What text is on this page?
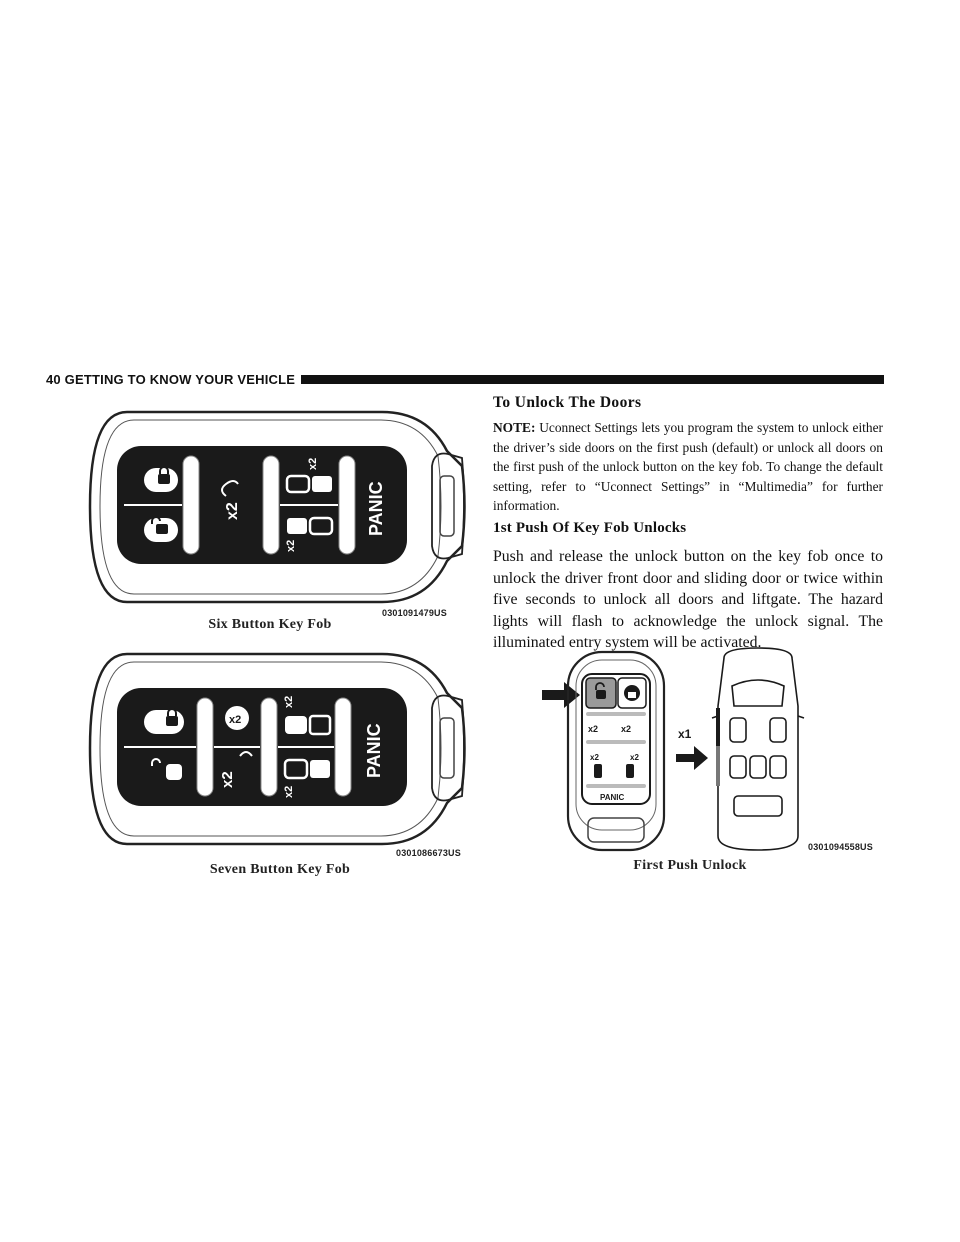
40 GETTING TO KNOW YOUR VEHICLE
x2
x2
x2
PANIC
0301091479US
Six Button Key Fob
x2
x2
x2
x2
PANIC
0301086673US
Seven Button Key Fob
To Unlock The Doors

NOTE: Uconnect Settings lets you program the system to unlock either the driver’s side doors on the first push (default) or unlock all doors on the first push of the unlock button on the key fob. To change the default setting, refer to “Uconnect Settings” in “Multimedia” for further information.

1st Push Of Key Fob Unlocks

Push and release the unlock button on the key fob once to unlock the driver front door and sliding door or twice within five seconds to unlock all doors and liftgate. The hazard lights will flash to acknowledge the unlock signal. The illuminated entry system will be activated.

x2	x2
x2	x2
PANIC
x1
0301094558US
First Push Unlock
